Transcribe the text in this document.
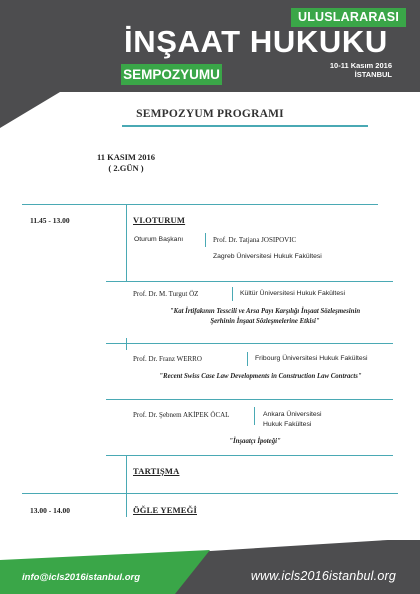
ULUSLARARASI
İNŞAAT HUKUKU
SEMPOZYUMU
10-11 Kasım 2016
İSTANBUL
SEMPOZYUM PROGRAMI
11 KASIM 2016
( 2.GÜN )
11.45 - 13.00	VI.OTURUM
Oturum Başkanı	Prof. Dr. Tatjana JOSIPOVIC
Zagreb Üniversitesi Hukuk Fakültesi
Prof. Dr. M. Turgut ÖZ	Kültür Üniversitesi Hukuk Fakültesi
"Kat İrtifakının Tesscili ve Arsa Payı Karşılığı İnşaat Sözleşmesinin
Şerhinin İnşaat Sözleşmelerine Etkisi"
Prof. Dr. Franz WERRO	Fribourg Üniversitesi Hukuk Fakültesi
"Recent Swiss Case Law Developments in Construction Law Contracts"
Prof. Dr. Şebnem AKİPEK ÖCAL	Ankara Üniversitesi
Hukuk Fakültesi
"İnşaatçı İpoteği"
TARTIŞMA
13.00 - 14.00	ÖĞLE YEMEĞİ
info@icls2016istanbul.org	www.icls2016istanbul.org
